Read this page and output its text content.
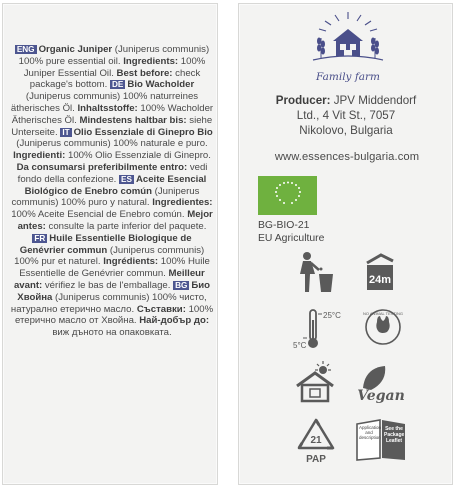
ENG Organic Juniper (Juniperus communis) 100% pure essential oil. Ingredients: 100% Juniper Essential Oil. Best before: check package's bottom. DE Bio Wacholder (Juniperus communis) 100% naturreines ätherisches Öl. Inhaltsstoffe: 100% Wacholder Ätherisches Öl. Mindestens haltbar bis: siehe Unterseite. IT Olio Essenziale di Ginepro Bio (Juniperus communis) 100% naturale e puro. Ingredienti: 100% Olio Essenziale di Ginepro. Da consumarsi preferibilmente entro: vedi fondo della confezione. ES Aceite Esencial Biológico de Enebro común (Juniperus communis) 100% puro y natural. Ingredientes: 100% Aceite Esencial de Enebro común. Mejor antes: consulte la parte inferior del paquete. FR Huile Essentielle Biologique de Genévrier commun (Juniperus communis) 100% pur et naturel. Ingrédients: 100% Huile Essentielle de Genévrier commun. Meilleur avant: vérifiez le bas de l'emballage. BG Био Хвойна (Juniperus communis) 100% чисто, натурално етерично масло. Съставки: 100% етерично масло от Хвойна. Най-добър до: виж дъното на опаковката.
Family farm
Producer: JPV Middendorf
Ltd., 4 Vit St., 7057
Nikolovo, Bulgaria
www.essences-bulgaria.com
BG-BIO-21
EU Agriculture
24m
25°C
5°C
NO ANIMAL TESTING
Vegan
21
PAP
Application and description
See the Package Leaflet
